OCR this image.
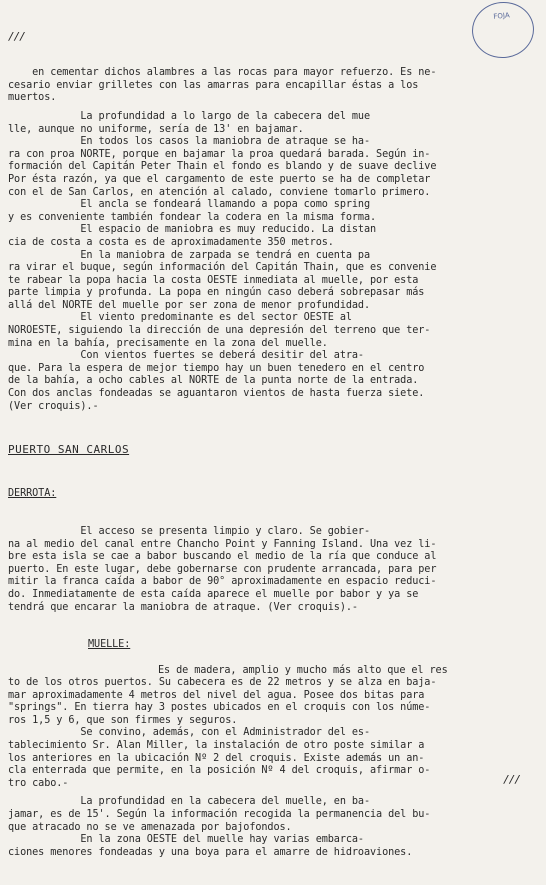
FOJA
///

en cementar dichos alambres a las rocas para mayor refuerzo. Es ne-
cesario enviar grilletes con las amarras para encapillar éstas a los
muertos.
La profundidad a lo largo de la cabecera del mue
lle, aunque no uniforme, sería de 13' en bajamar.
En todos los casos la maniobra de atraque se ha-
ra con proa NORTE, porque en bajamar la proa quedará barada. Según in-
formación del Capitán Peter Thain el fondo es blando y de suave declive
Por ésta razón, ya que el cargamento de este puerto se ha de completar
con el de San Carlos, en atención al calado, conviene tomarlo primero.
El ancla se fondeará llamando a popa como spring
y es conveniente también fondear la codera en la misma forma.
El espacio de maniobra es muy reducido. La distan
cia de costa a costa es de aproximadamente 350 metros.
En la maniobra de zarpada se tendrá en cuenta pa
ra virar el buque, según información del Capitán Thain, que es convenie
te rabear la popa hacia la costa OESTE inmediata al muelle, por esta
parte limpia y profunda. La popa en ningún caso deberá sobrepasar más
allá del NORTE del muelle por ser zona de menor profundidad.
El viento predominante es del sector OESTE al
NOROESTE, siguiendo la dirección de una depresión del terreno que ter-
mina en la bahía, precisamente en la zona del muelle.
Con vientos fuertes se deberá desitir del atra-
que. Para la espera de mejor tiempo hay un buen tenedero en el centro
de la bahía, a ocho cables al NORTE de la punta norte de la entrada.
Con dos anclas fondeadas se aguantaron vientos de hasta fuerza siete.
(Ver croquis).-

PUERTO SAN CARLOS

DERROTA:

El acceso se presenta limpio y claro. Se gobier-
na al medio del canal entre Chancho Point y Fanning Island. Una vez li-
bre esta isla se cae a babor buscando el medio de la ría que conduce al
puerto. En este lugar, debe gobernarse con prudente arrancada, para per
mitir la franca caída a babor de 90° aproximadamente en espacio reduci-
do. Inmediatamente de esta caída aparece el muelle por babor y ya se
tendrá que encarar la maniobra de atraque. (Ver croquis).-

MUELLE:

Es de madera, amplio y mucho más alto que el res
to de los otros puertos. Su cabecera es de 22 metros y se alza en baja-
mar aproximadamente 4 metros del nivel del agua. Posee dos bitas para
"springs". En tierra hay 3 postes ubicados en el croquis con los núme-
ros 1,5 y 6, que son firmes y seguros.
Se convino, además, con el Administrador del es-
tablecimiento Sr. Alan Miller, la instalación de otro poste similar a
los anteriores en la ubicación Nº 2 del croquis. Existe además un an-
cla enterrada que permite, en la posición Nº 4 del croquis, afirmar o-
tro cabo.-
La profundidad en la cabecera del muelle, en ba-
jamar, es de 15'. Según la información recogida la permanencia del bu-
que atracado no se ve amenazada por bajofondos.
En la zona OESTE del muelle hay varias embarca-
ciones menores fondeadas y una boya para el amarre de hidroaviones.

///
